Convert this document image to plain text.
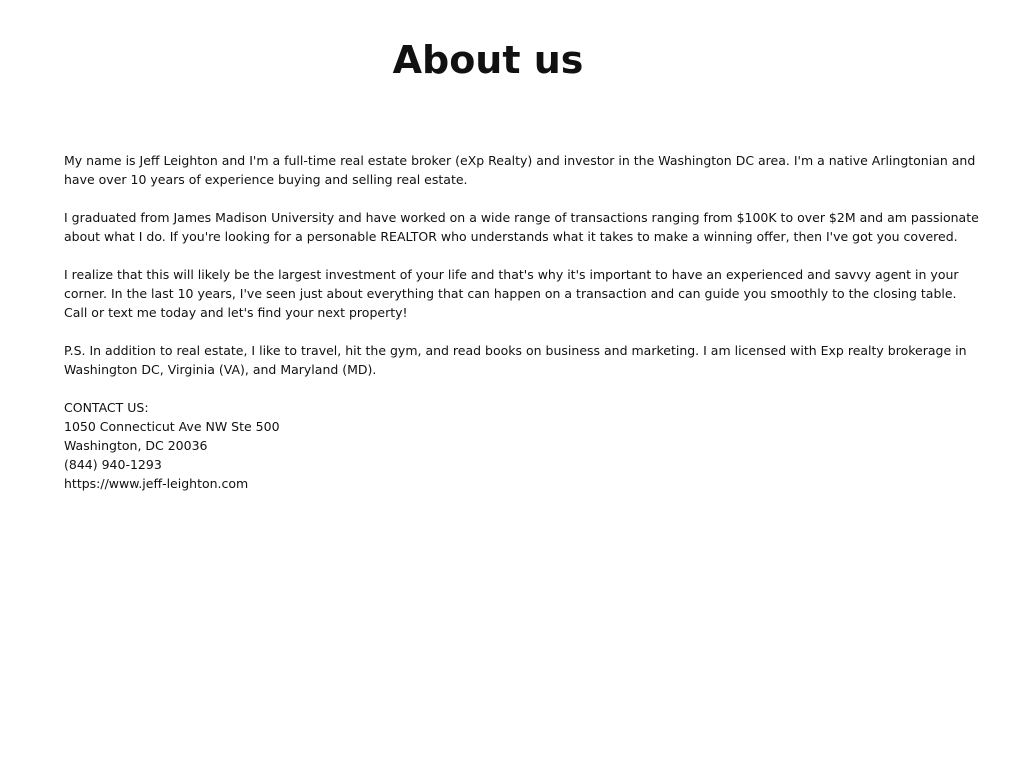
About us

My name is Jeff Leighton and I'm a full-time real estate broker (eXp Realty) and investor in the Washington DC area. I'm a native Arlingtonian and
have over 10 years of experience buying and selling real estate.

I graduated from James Madison University and have worked on a wide range of transactions ranging from $100K to over $2M and am passionate
about what I do. If you're looking for a personable REALTOR who understands what it takes to make a winning offer, then I've got you covered.

I realize that this will likely be the largest investment of your life and that's why it's important to have an experienced and savvy agent in your
corner. In the last 10 years, I've seen just about everything that can happen on a transaction and can guide you smoothly to the closing table.
Call or text me today and let's find your next property!

P.S. In addition to real estate, I like to travel, hit the gym, and read books on business and marketing. I am licensed with Exp realty brokerage in
Washington DC, Virginia (VA), and Maryland (MD).

CONTACT US:
1050 Connecticut Ave NW Ste 500
Washington, DC 20036
(844) 940-1293
https://www.jeff-leighton.com
